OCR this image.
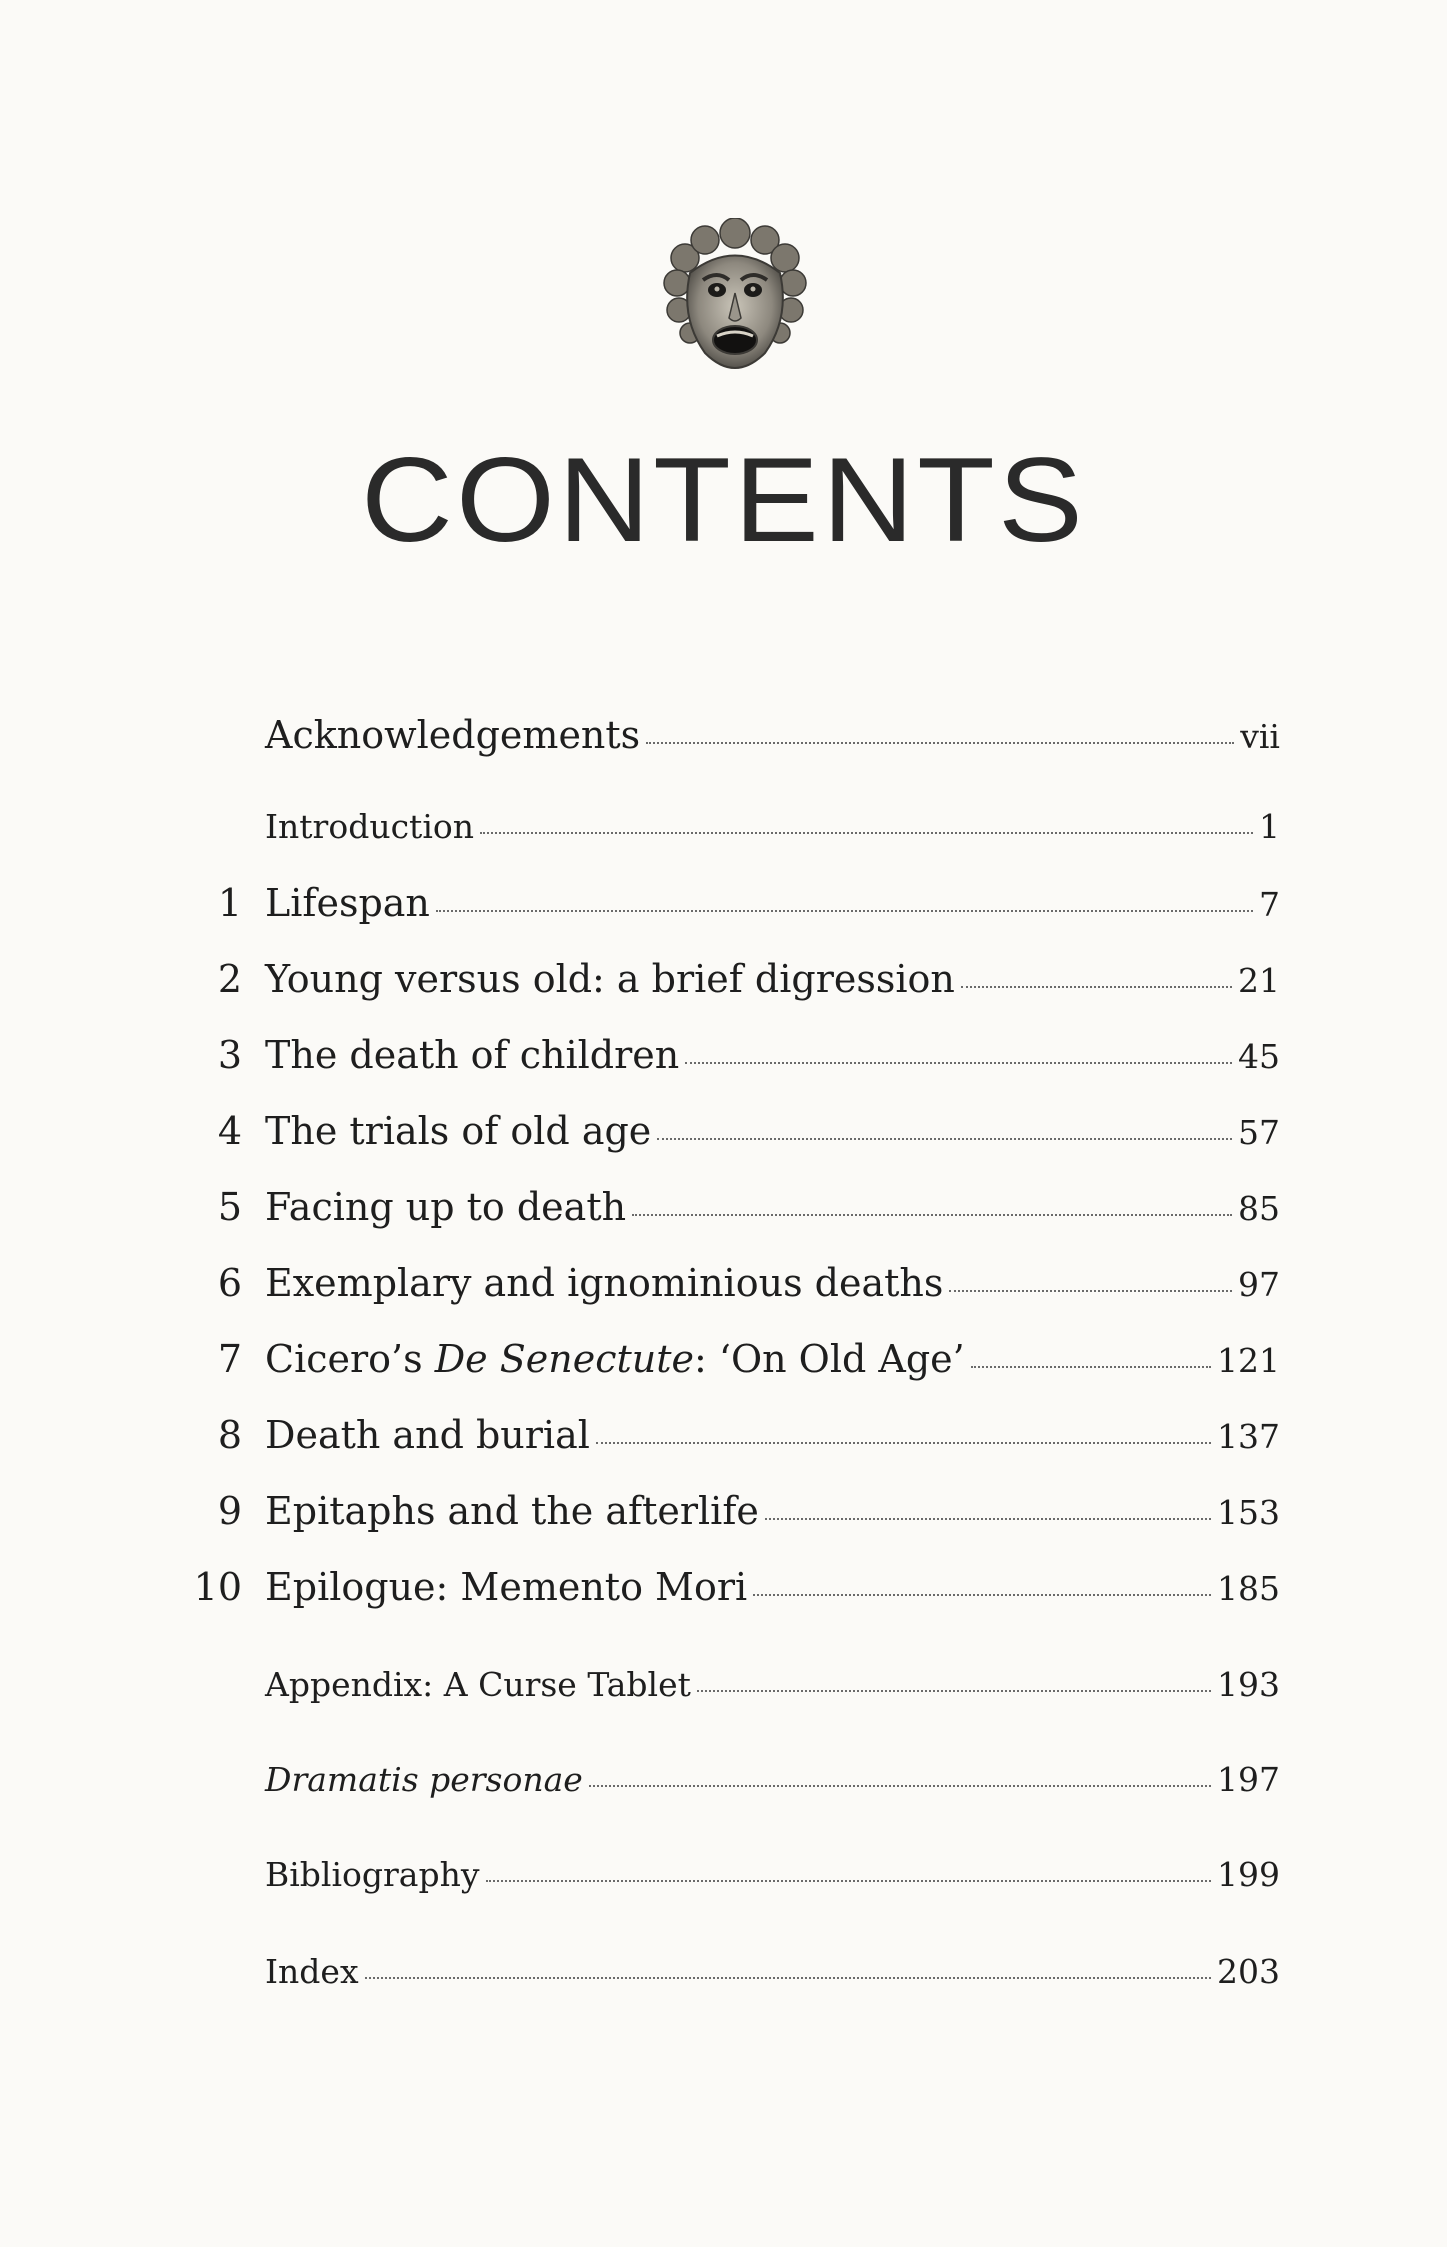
CONTENTS
Acknowledgements	vii
Introduction	1
1 Lifespan	7
2 Young versus old: a brief digression	21
3 The death of children	45
4 The trials of old age	57
5 Facing up to death	85
6 Exemplary and ignominious deaths	97
7 Cicero’s De Senectute: ‘On Old Age’	121
8 Death and burial	137
9 Epitaphs and the afterlife	153
10 Epilogue: Memento Mori	185
Appendix: A Curse Tablet	193
Dramatis personae	197
Bibliography	199
Index	203
